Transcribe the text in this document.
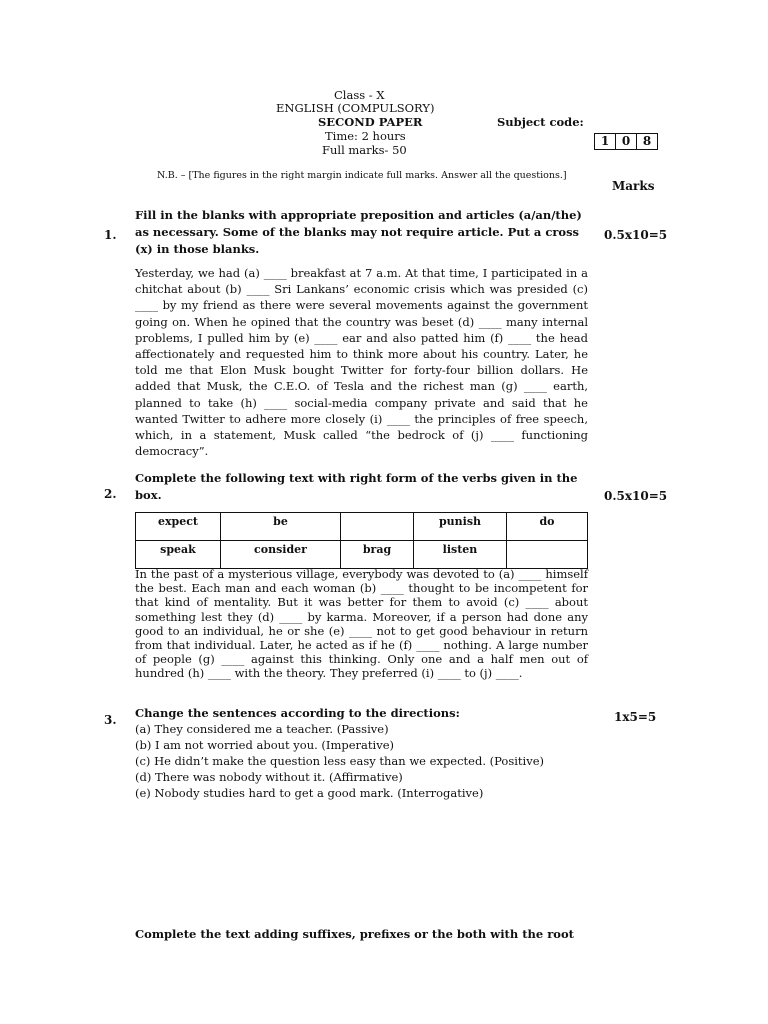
Class - X
ENGLISH (COMPULSORY)
SECOND PAPER	Subject code:
Time: 2 hours
Full marks- 50
1	0	8
N.B. – [The figures in the right margin indicate full marks. Answer all the questions.]
Marks
1.
Fill in the blanks with appropriate preposition and articles (a/an/the) as necessary. Some of the blanks may not require article. Put a cross (x) in those blanks.
0.5x10=5
Yesterday, we had (a) ____ breakfast at 7 a.m. At that time, I participated in a chitchat about (b) ____ Sri Lankans’ economic crisis which was presided (c) ____ by my friend as there were several movements against the government going on. When he opined that the country was beset (d) ____ many internal problems, I pulled him by (e) ____ ear and also patted him (f) ____ the head affectionately and requested him to think more about his country. Later, he told me that Elon Musk bought Twitter for forty-four billion dollars. He added that Musk, the C.E.O. of Tesla and the richest man (g) ____ earth, planned to take (h) ____ social-media company private and said that he wanted Twitter to adhere more closely (i) ____ the principles of free speech, which, in a statement, Musk called “the bedrock of (j) ____ functioning democracy”.
2.
Complete the following text with right form of the verbs given in the box.	0.5x10=5
expect	be		punish	do
speak	consider	brag	listen	
In the past of a mysterious village, everybody was devoted to (a) ____ himself the best. Each man and each woman (b) ____ thought to be incompetent for that kind of mentality. But it was better for them to avoid (c) ____ about something lest they (d) ____ by karma. Moreover, if a person had done any good to an individual, he or she (e) ____ not to get good behaviour in return from that individual. Later, he acted as if he (f) ____ nothing. A large number of people (g) ____ against this thinking. Only one and a half men out of hundred (h) ____ with the theory. They preferred (i) ____ to (j) ____.
3. Change the sentences according to the directions:	1x5=5
(a) They considered me a teacher. (Passive)
(b) I am not worried about you. (Imperative)
(c) He didn’t make the question less easy than we expected. (Positive)
(d) There was nobody without it. (Affirmative)
(e) Nobody studies hard to get a good mark. (Interrogative)
Complete the text adding suffixes, prefixes or the both with the root
